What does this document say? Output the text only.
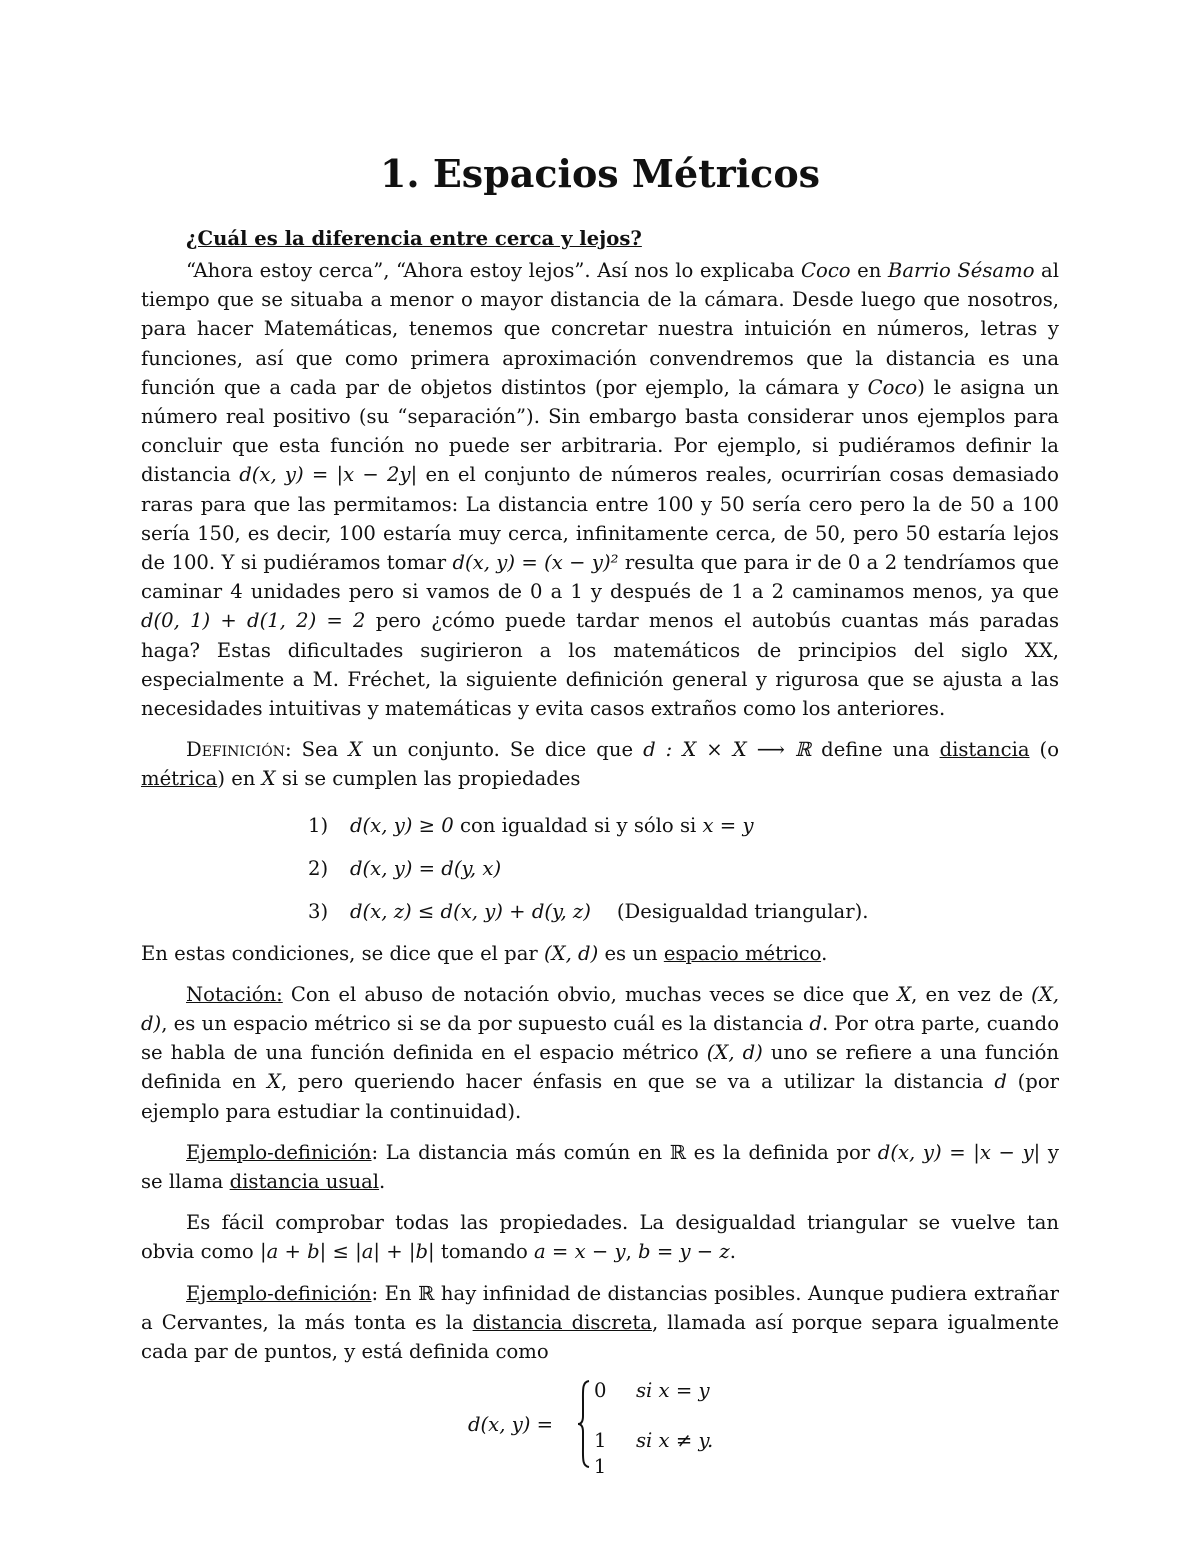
1. Espacios Métricos
¿Cuál es la diferencia entre cerca y lejos?

“Ahora estoy cerca”, “Ahora estoy lejos”. Así nos lo explicaba Coco en Barrio Sésamo al tiempo que se situaba a menor o mayor distancia de la cámara. Desde luego que nosotros, para hacer Matemáticas, tenemos que concretar nuestra intuición en números, letras y funciones, así que como primera aproximación convendremos que la distancia es una función que a cada par de objetos distintos (por ejemplo, la cámara y Coco) le asigna un número real positivo (su “separación”). Sin embargo basta considerar unos ejemplos para concluir que esta función no puede ser arbitraria. Por ejemplo, si pudiéramos definir la distancia d(x, y) = |x − 2y| en el conjunto de números reales, ocurrirían cosas demasiado raras para que las permitamos: La distancia entre 100 y 50 sería cero pero la de 50 a 100 sería 150, es decir, 100 estaría muy cerca, infinitamente cerca, de 50, pero 50 estaría lejos de 100. Y si pudiéramos tomar d(x, y) = (x − y)² resulta que para ir de 0 a 2 tendríamos que caminar 4 unidades pero si vamos de 0 a 1 y después de 1 a 2 caminamos menos, ya que d(0, 1) + d(1, 2) = 2 pero ¿cómo puede tardar menos el autobús cuantas más paradas haga? Estas dificultades sugirieron a los matemáticos de principios del siglo XX, especialmente a M. Fréchet, la siguiente definición general y rigurosa que se ajusta a las necesidades intuitivas y matemáticas y evita casos extraños como los anteriores.

Definición: Sea X un conjunto. Se dice que d : X × X ⟶ ℝ define una distancia (o métrica) en X si se cumplen las propiedades

1) d(x, y) ≥ 0 con igualdad si y sólo si x = y
2) d(x, y) = d(y, x)
3) d(x, z) ≤ d(x, y) + d(y, z) (Desigualdad triangular).

En estas condiciones, se dice que el par (X, d) es un espacio métrico.

Notación: Con el abuso de notación obvio, muchas veces se dice que X, en vez de (X, d), es un espacio métrico si se da por supuesto cuál es la distancia d. Por otra parte, cuando se habla de una función definida en el espacio métrico (X, d) uno se refiere a una función definida en X, pero queriendo hacer énfasis en que se va a utilizar la distancia d (por ejemplo para estudiar la continuidad).

Ejemplo-definición: La distancia más común en ℝ es la definida por d(x, y) = |x − y| y se llama distancia usual.

Es fácil comprobar todas las propiedades. La desigualdad triangular se vuelve tan obvia como |a + b| ≤ |a| + |b| tomando a = x − y, b = y − z.

Ejemplo-definición: En ℝ hay infinidad de distancias posibles. Aunque pudiera extrañar a Cervantes, la más tonta es la distancia discreta, llamada así porque separa igualmente cada par de puntos, y está definida como

d(x, y) =
0 si x = y
1 si x ≠ y.
1
